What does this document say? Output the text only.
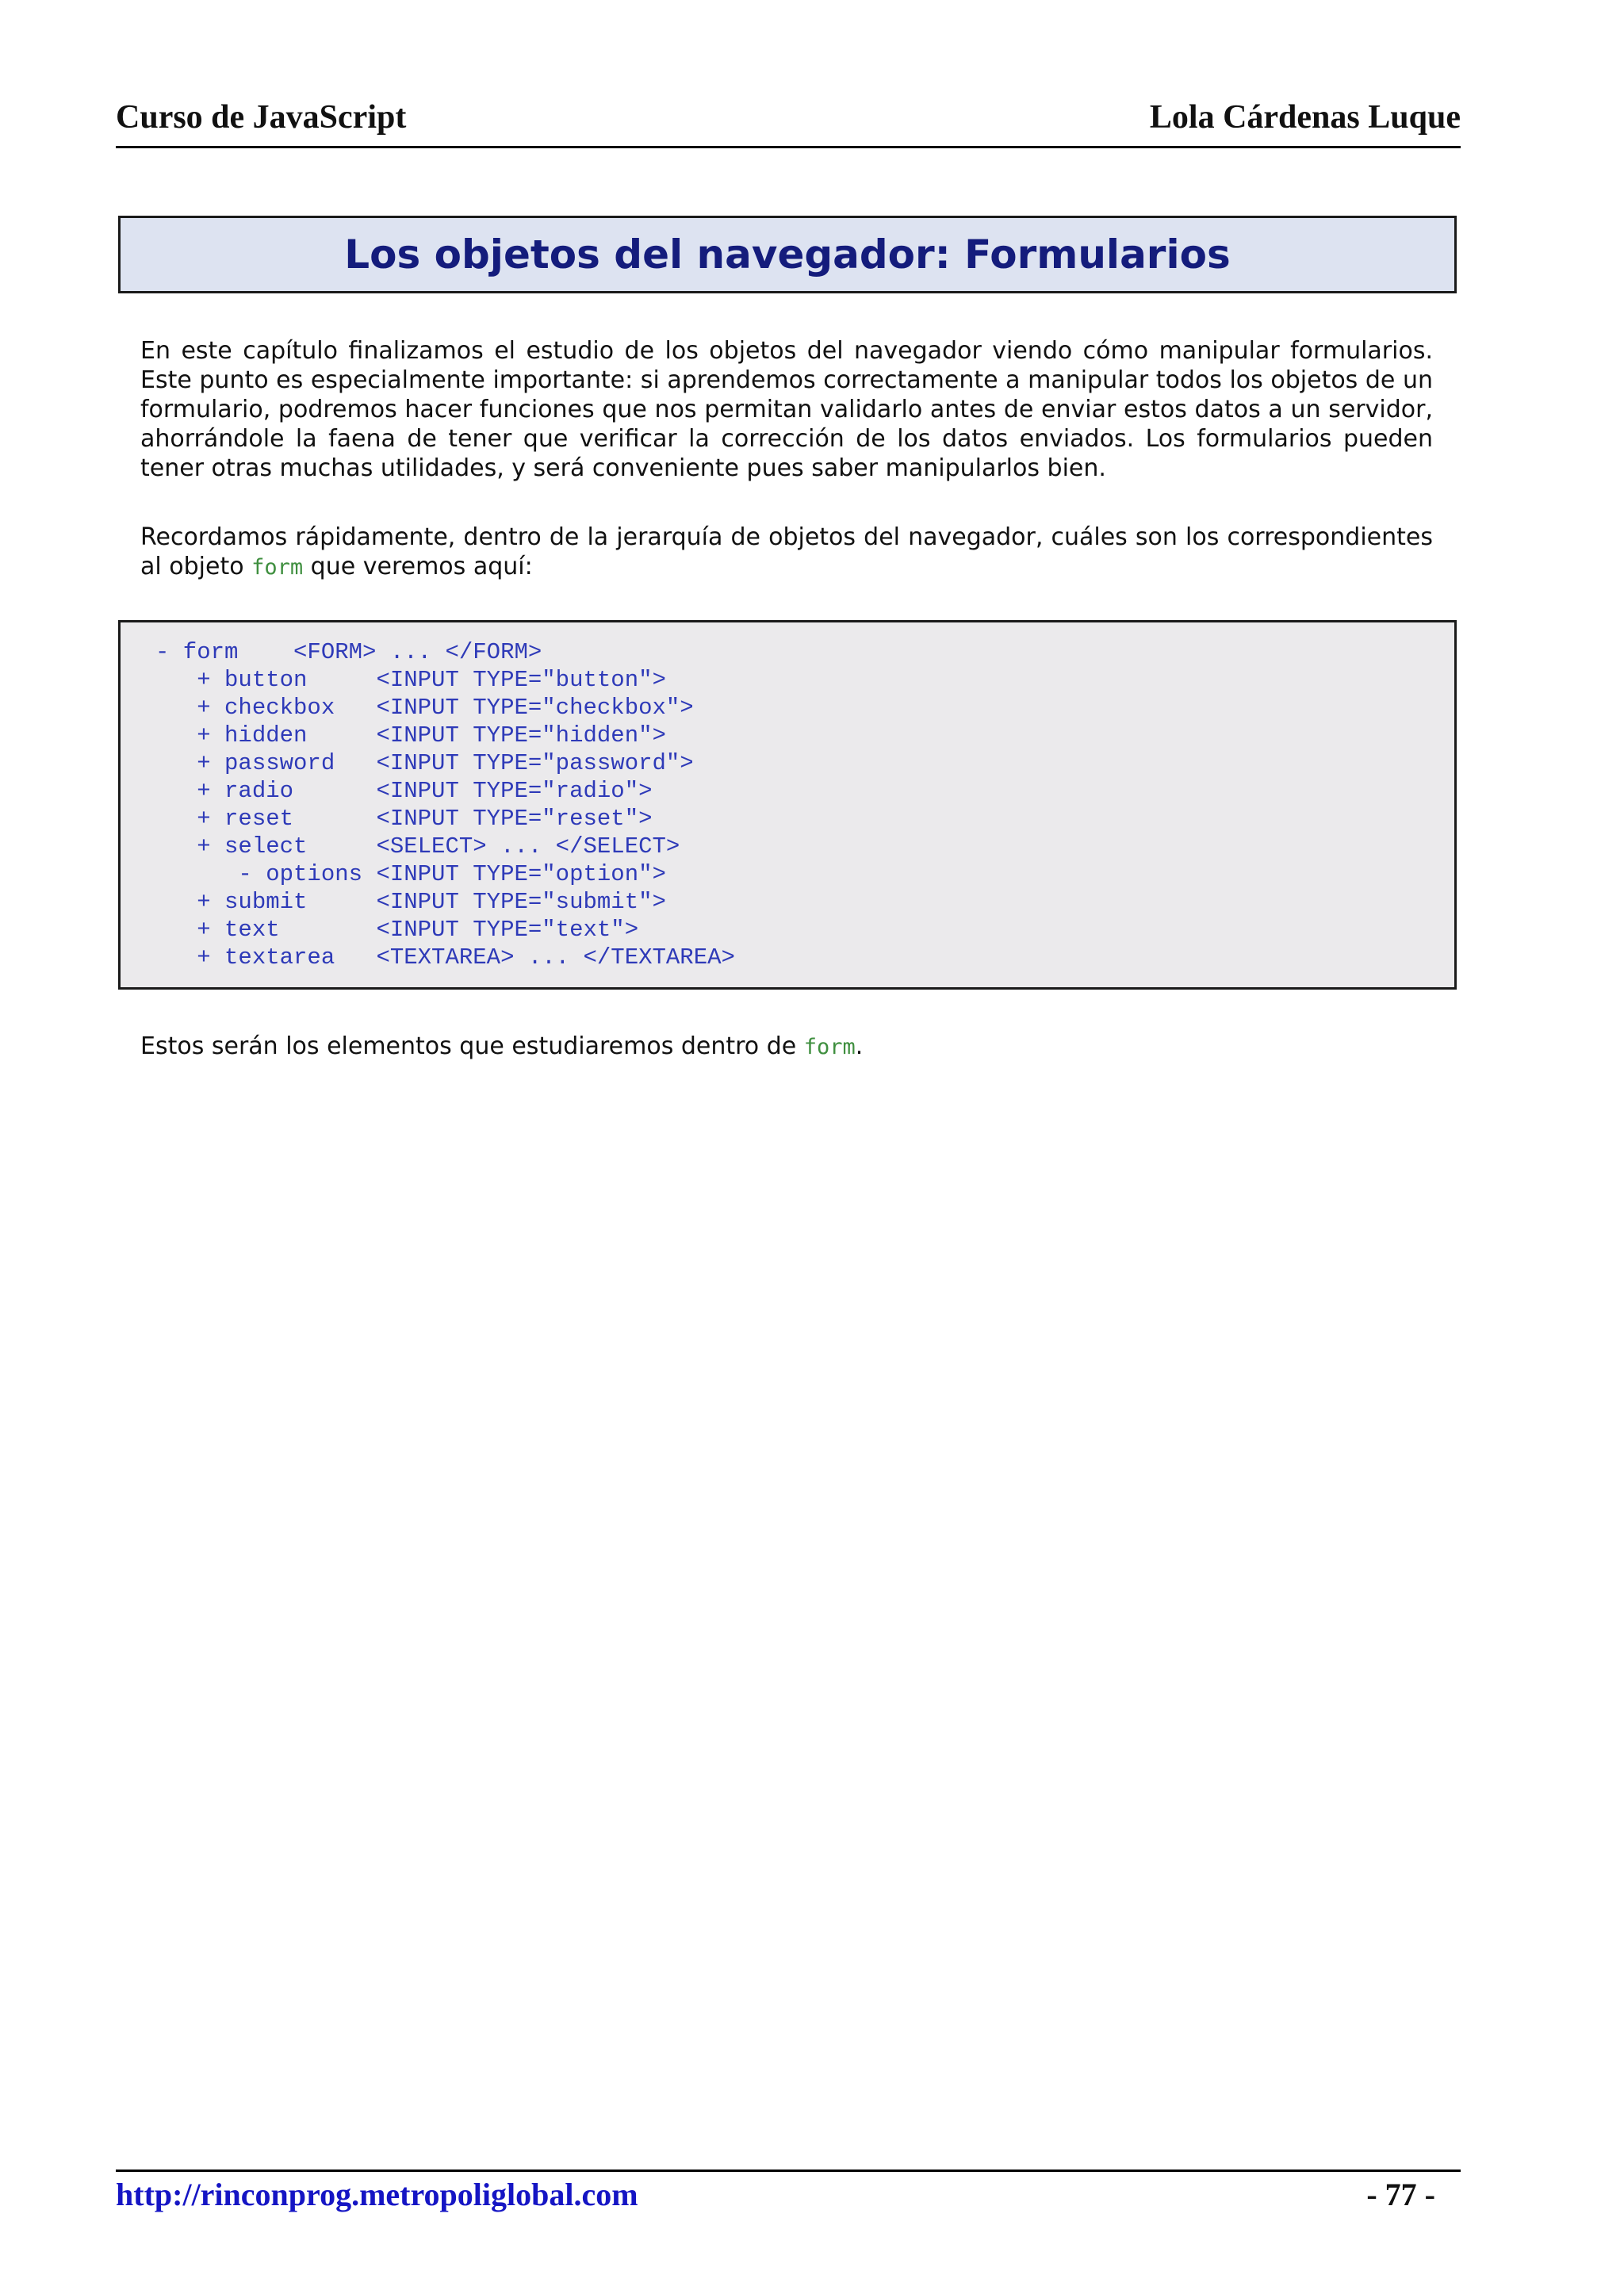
Curso de JavaScript	Lola Cárdenas Luque
Los objetos del navegador: Formularios

En este capítulo finalizamos el estudio de los objetos del navegador viendo cómo manipular formularios. Este punto es especialmente importante: si aprendemos correctamente a manipular todos los objetos de un formulario, podremos hacer funciones que nos permitan validarlo antes de enviar estos datos a un servidor, ahorrándole la faena de tener que verificar la corrección de los datos enviados. Los formularios pueden tener otras muchas utilidades, y será conveniente pues saber manipularlos bien.

Recordamos rápidamente, dentro de la jerarquía de objetos del navegador, cuáles son los correspondientes al objeto form que veremos aquí:

- form    <FORM> ... </FORM>
+ button     <INPUT TYPE="button">
+ checkbox   <INPUT TYPE="checkbox">
+ hidden     <INPUT TYPE="hidden">
+ password   <INPUT TYPE="password">
+ radio      <INPUT TYPE="radio">
+ reset      <INPUT TYPE="reset">
+ select     <SELECT> ... </SELECT>
- options <INPUT TYPE="option">
+ submit     <INPUT TYPE="submit">
+ text       <INPUT TYPE="text">
+ textarea   <TEXTAREA> ... </TEXTAREA>

Estos serán los elementos que estudiaremos dentro de form.

http://rinconprog.metropoliglobal.com	- 77 -
